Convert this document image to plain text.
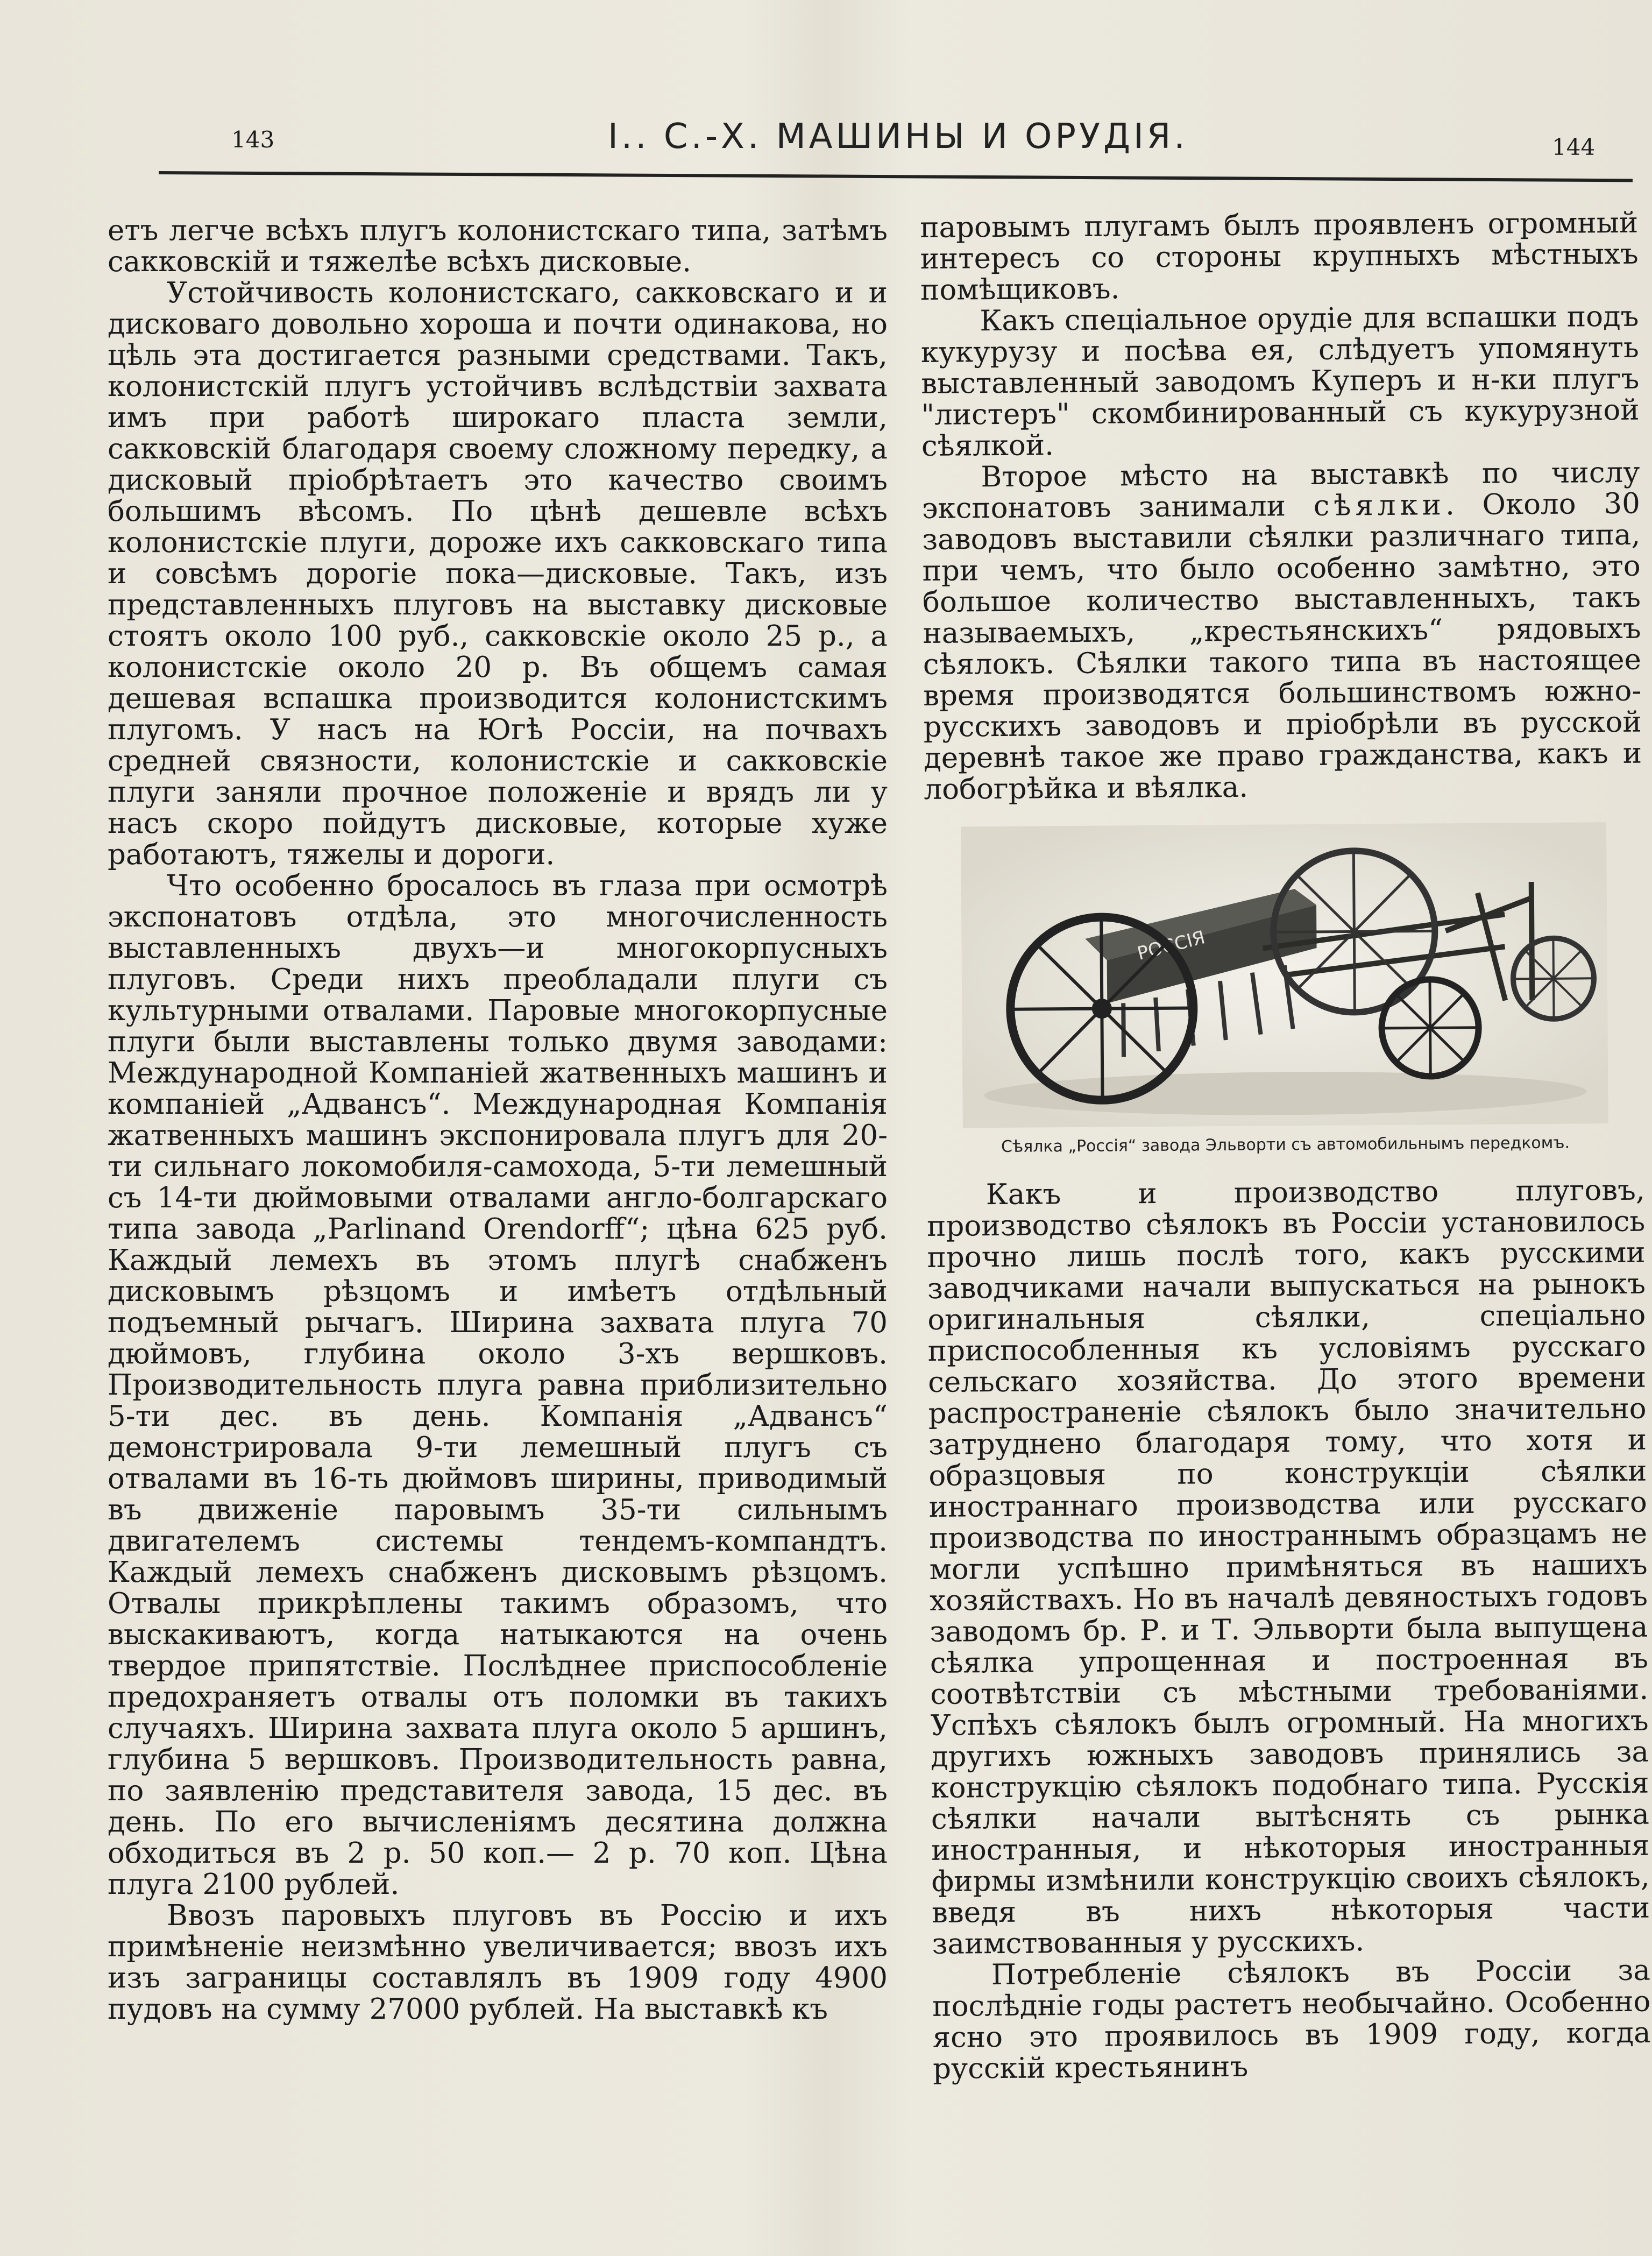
143	I.. С.-X. МАШИНЫ И ОРУДIЯ.	144

етъ легче всѣхъ плугъ колонистскаго типа, затѣмъ сакковскій и тяжелѣе всѣхъ дисковые.

Устойчивость колонистскаго, сакковскаго и и дисковаго довольно хороша и почти одинакова, но цѣль эта достигается разными средствами. Такъ, колонистскій плугъ устойчивъ вслѣдствіи захвата имъ при работѣ широкаго пласта земли, сакковскій благодаря своему сложному передку, а дисковый пріобрѣтаетъ это качество своимъ большимъ вѣсомъ. По цѣнѣ дешевле всѣхъ колонистскіе плуги, дороже ихъ сакковскаго типа и совсѣмъ дорогіе пока—дисковые. Такъ, изъ представленныхъ плуговъ на выставку дисковые стоятъ около 100 руб., сакковскіе около 25 р., а колонистскіе около 20 р. Въ общемъ самая дешевая вспашка производится колонистскимъ плугомъ. У насъ на Югѣ Россіи, на почвахъ средней связности, колонистскіе и сакковскіе плуги заняли прочное положеніе и врядъ ли у насъ скоро пойдутъ дисковые, которые хуже работаютъ, тяжелы и дороги.

Что особенно бросалось въ глаза при осмотрѣ экспонатовъ отдѣла, это многочисленность выставленныхъ двухъ—и многокорпусныхъ плуговъ. Среди нихъ преобладали плуги съ культурными отвалами. Паровые многокорпусные плуги были выставлены только двумя заводами: Международной Компаніей жатвенныхъ машинъ и компаніей „Адвансъ“. Международная Компанія жатвенныхъ машинъ экспонировала плугъ для 20-ти сильнаго локомобиля-самохода, 5-ти лемешный съ 14-ти дюймовыми отвалами англо-болгарскаго типа завода „Parlinand Orendorff“; цѣна 625 руб. Каждый лемехъ въ этомъ плугѣ снабженъ дисковымъ рѣзцомъ и имѣетъ отдѣльный подъемный рычагъ. Ширина захвата плуга 70 дюймовъ, глубина около 3-хъ вершковъ. Производительность плуга равна приблизительно 5-ти дес. въ день. Компанія „Адвансъ“ демонстрировала 9-ти лемешный плугъ съ отвалами въ 16-ть дюймовъ ширины, приводимый въ движеніе паровымъ 35-ти сильнымъ двигателемъ системы тендемъ-компандтъ. Каждый лемехъ снабженъ дисковымъ рѣзцомъ. Отвалы прикрѣплены такимъ образомъ, что выскакиваютъ, когда натыкаются на очень твердое припятствіе. Послѣднее приспособленіе предохраняетъ отвалы отъ поломки въ такихъ случаяхъ. Ширина захвата плуга около 5 аршинъ, глубина 5 вершковъ. Производительность равна, по заявленію представителя завода, 15 дес. въ день. По его вычисленіямъ десятина должна обходиться въ 2 р. 50 коп.— 2 р. 70 коп. Цѣна плуга 2100 рублей.

Ввозъ паровыхъ плуговъ въ Россію и ихъ примѣненіе неизмѣнно увеличивается; ввозъ ихъ изъ заграницы составлялъ въ 1909 году 4900 пудовъ на сумму 27000 рублей. На выставкѣ къ

паровымъ плугамъ былъ проявленъ огромный интересъ со стороны крупныхъ мѣстныхъ помѣщиковъ.

Какъ спеціальное орудіе для вспашки подъ кукурузу и посѣва ея, слѣдуетъ упомянуть выставленный заводомъ Куперъ и н-ки плугъ "листеръ" скомбинированный съ кукурузной сѣялкой.

Второе мѣсто на выставкѣ по числу экспонатовъ занимали сѣялки. Около 30 заводовъ выставили сѣялки различнаго типа, при чемъ, что было особенно замѣтно, это большое количество выставленныхъ, такъ называемыхъ, „крестьянскихъ“ рядовыхъ сѣялокъ. Сѣялки такого типа въ настоящее время производятся большинствомъ южно-русскихъ заводовъ и пріобрѣли въ русской деревнѣ такое же право гражданства, какъ и лобогрѣйка и вѣялка.

РОССIЯ
Сѣялка „Россія“ завода Эльворти съ автомобильнымъ передкомъ.

Какъ и производство плуговъ, производство сѣялокъ въ Россіи установилось прочно лишь послѣ того, какъ русскими заводчиками начали выпускаться на рынокъ оригинальныя сѣялки, спеціально приспособленныя къ условіямъ русскаго сельскаго хозяйства. До этого времени распространеніе сѣялокъ было значительно затруднено благодаря тому, что хотя и образцовыя по конструкціи сѣялки иностраннаго производства или русскаго производства по иностраннымъ образцамъ не могли успѣшно примѣняться въ нашихъ хозяйствахъ. Но въ началѣ девяностыхъ годовъ заводомъ бр. Р. и Т. Эльворти была выпущена сѣялка упрощенная и построенная въ соотвѣтствіи съ мѣстными требованіями. Успѣхъ сѣялокъ былъ огромный. На многихъ другихъ южныхъ заводовъ принялись за конструкцію сѣялокъ подобнаго типа. Русскія сѣялки начали вытѣснять съ рынка иностранныя, и нѣкоторыя иностранныя фирмы измѣнили конструкцію своихъ сѣялокъ, введя въ нихъ нѣкоторыя части заимствованныя у русскихъ.

Потребленіе сѣялокъ въ Россіи за послѣдніе годы растетъ необычайно. Особенно ясно это проявилось въ 1909 году, когда русскій крестьянинъ
